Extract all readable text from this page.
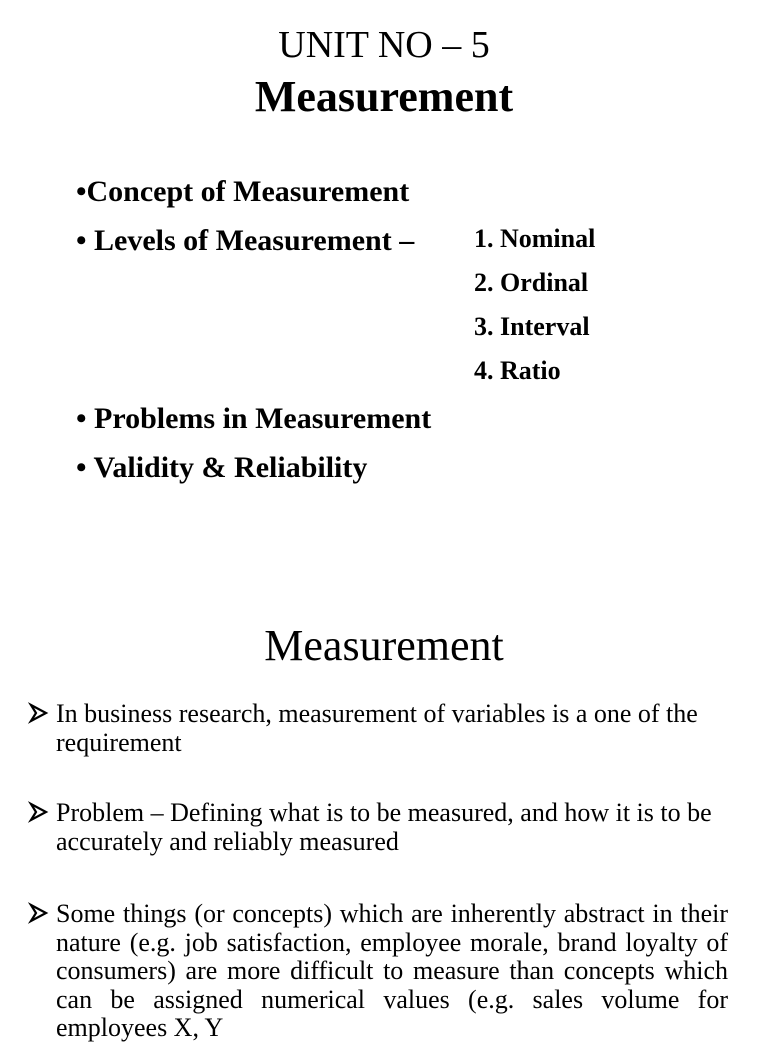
UNIT NO – 5
Measurement
•Concept of Measurement
• Levels of Measurement – 1. Nominal
2. Ordinal
3. Interval
4. Ratio
• Problems in Measurement
• Validity & Reliability
Measurement
In business research, measurement of variables is a one of the requirement
Problem – Defining what is to be measured, and how it is to be accurately and reliably measured
Some things (or concepts) which are inherently abstract in their nature (e.g. job satisfaction, employee morale, brand loyalty of consumers) are more difficult to measure than concepts which can be assigned numerical values (e.g. sales volume for employees X, Y
